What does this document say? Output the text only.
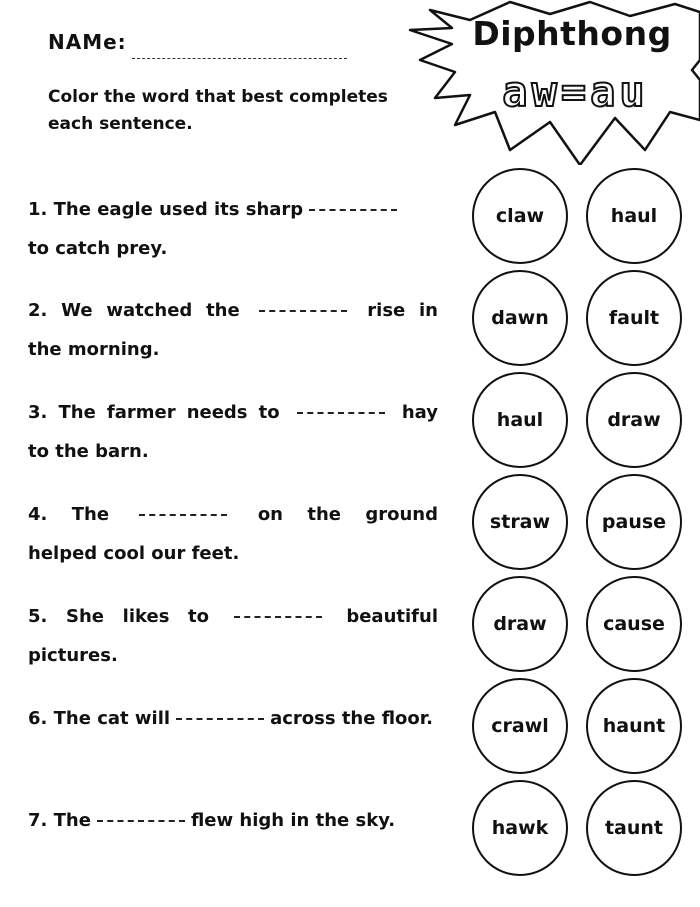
NAMe:
Color the word that best completes each sentence.
Diphthong
aw=au
1. The eagle used its sharp
to catch prey.
claw	haul
2. We watched the	rise in
the morning.
dawn	fault
3. The farmer needs to	hay
to the barn.
haul	draw
4. The	on the ground
helped cool our feet.
straw	pause
5. She likes to	beautiful
pictures.
draw	cause
6. The cat will	across the floor.	crawl	haunt
7. The	flew high in the sky.	hawk	taunt
